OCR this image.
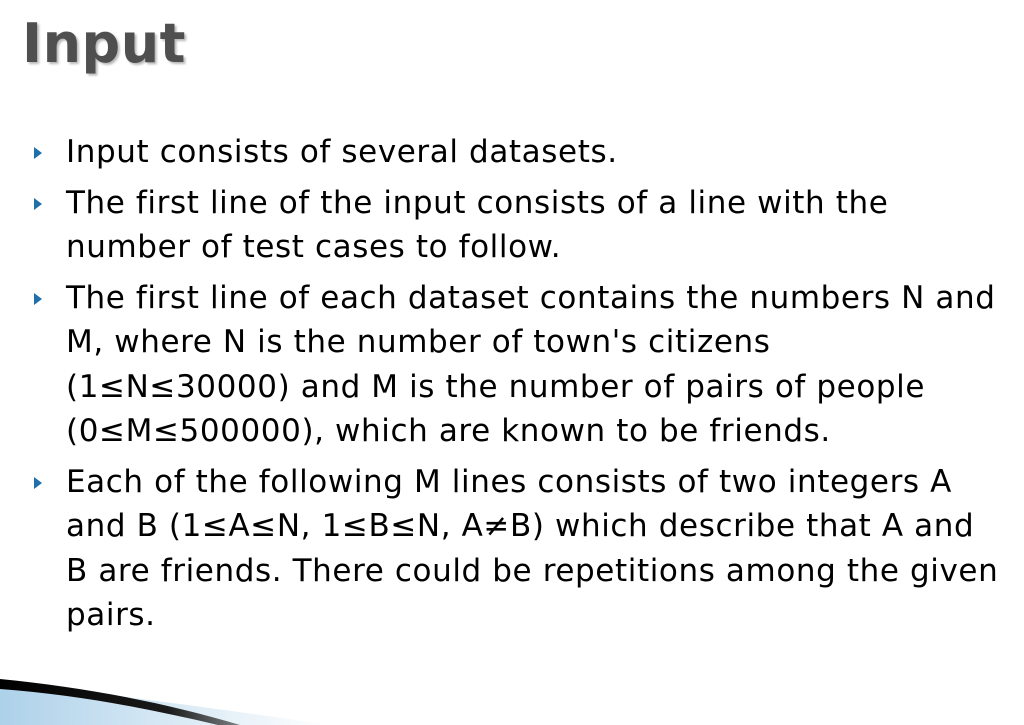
Input
Input consists of several datasets.
The first line of the input consists of a line with the number of test cases to follow.
The first line of each dataset contains the numbers N and M, where N is the number of town's citizens (1≤N≤30000) and M is the number of pairs of people (0≤M≤500000), which are known to be friends.
Each of the following M lines consists of two integers A and B (1≤A≤N, 1≤B≤N, A≠B) which describe that A and B are friends. There could be repetitions among the given pairs.
